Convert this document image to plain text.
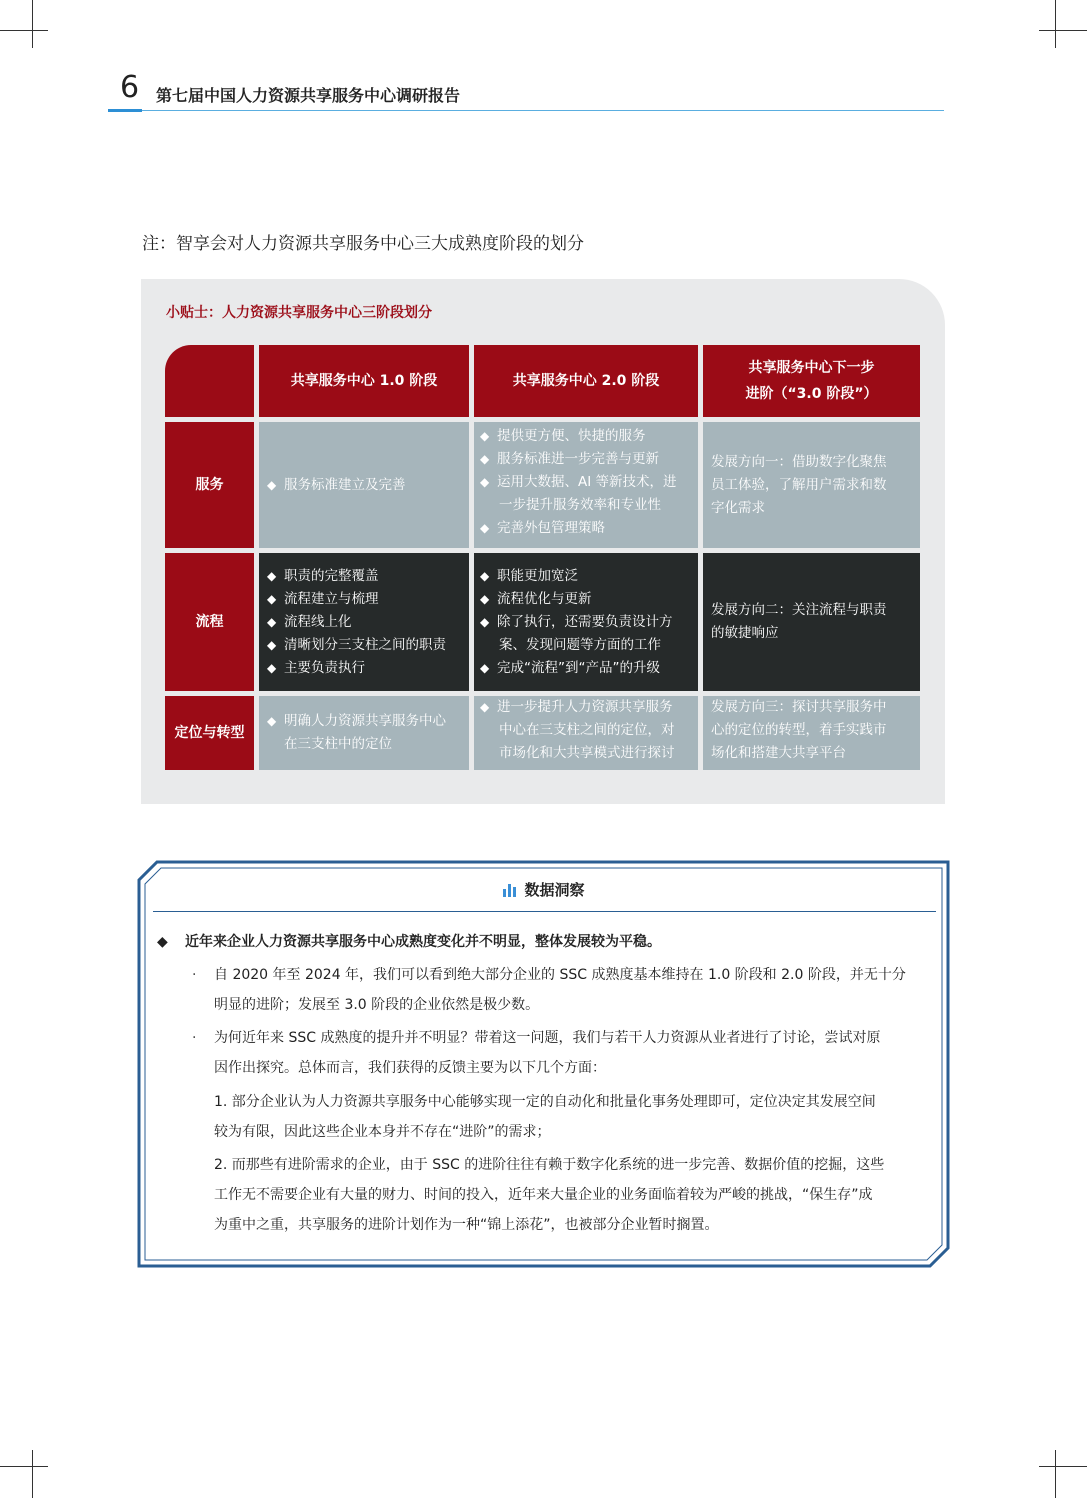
6 第七届中国人力资源共享服务中心调研报告
注：智享会对人力资源共享服务中心三大成熟度阶段的划分
小贴士：人力资源共享服务中心三阶段划分
共享服务中心 1.0 阶段	共享服务中心 2.0 阶段
共享服务中心下一步
进阶（“3.0 阶段”）
服务
◆	服务标准建立及完善
◆ 提供更方便、快捷的服务
◆ 服务标准进一步完善与更新
◆ 运用大数据、AI 等新技术，进
一步提升服务效率和专业性
◆ 完善外包管理策略
发展方向一：借助数字化聚焦
员工体验，了解用户需求和数
字化需求
流程
◆ 职责的完整覆盖
◆ 流程建立与梳理
◆ 流程线上化
◆ 清晰划分三支柱之间的职责
◆ 主要负责执行
◆ 职能更加宽泛
◆ 流程优化与更新
◆ 除了执行，还需要负责设计方
案、发现问题等方面的工作
◆ 完成“流程”到“产品”的升级
发展方向二：关注流程与职责
的敏捷响应
定位与转型
◆ 明确人力资源共享服务中心
在三支柱中的定位
◆ 进一步提升人力资源共享服务
中心在三支柱之间的定位，对
市场化和大共享模式进行探讨
发展方向三：探讨共享服务中
心的定位的转型，着手实践市
场化和搭建大共享平台
数据洞察
◆ 近年来企业人力资源共享服务中心成熟度变化并不明显，整体发展较为平稳。
· 自 2020 年至 2024 年，我们可以看到绝大部分企业的 SSC 成熟度基本维持在 1.0 阶段和 2.0 阶段，并无十分
明显的进阶；发展至 3.0 阶段的企业依然是极少数。
· 为何近年来 SSC 成熟度的提升并不明显？带着这一问题，我们与若干人力资源从业者进行了讨论，尝试对原
因作出探究。总体而言，我们获得的反馈主要为以下几个方面：
1. 部分企业认为人力资源共享服务中心能够实现一定的自动化和批量化事务处理即可，定位决定其发展空间
较为有限，因此这些企业本身并不存在“进阶”的需求；
2. 而那些有进阶需求的企业，由于 SSC 的进阶往往有赖于数字化系统的进一步完善、数据价值的挖掘，这些
工作无不需要企业有大量的财力、时间的投入，近年来大量企业的业务面临着较为严峻的挑战，“保生存”成
为重中之重，共享服务的进阶计划作为一种“锦上添花”，也被部分企业暂时搁置。
